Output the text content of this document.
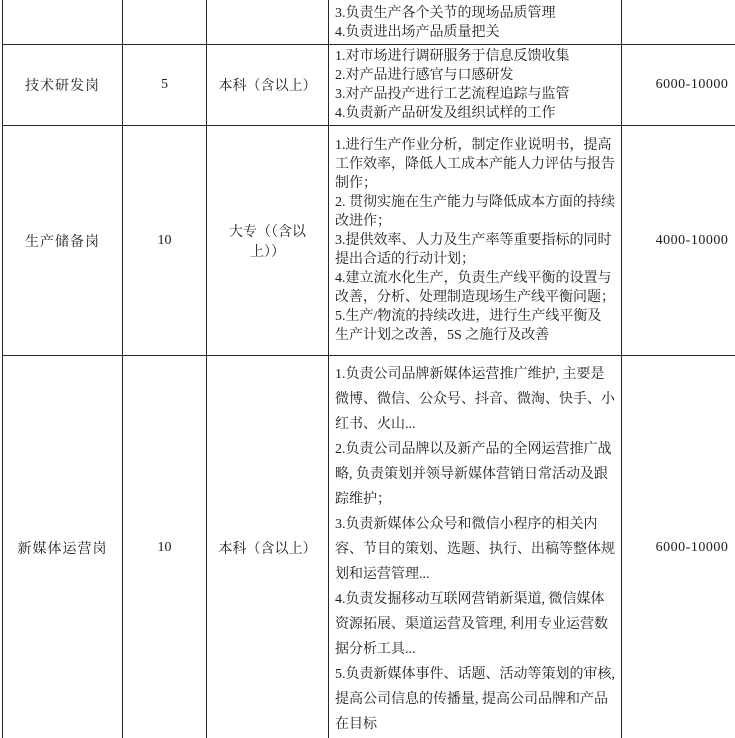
			3.负责生产各个关节的现场品质管理
4.负责进出场产品质量把关	

技术研发岗	5	本科（含以上）	1.对市场进行调研服务于信息反馈收集
2.对产品进行感官与口感研发
3.对产品投产进行工艺流程追踪与监管
4.负责新产品研发及组织试样的工作	6000-10000
生产储备岗	10	大专（（含以上））	1.进行生产作业分析，制定作业说明书，提高工作效率，降低人工成本产能人力评估与报告制作；
2. 贯彻实施在生产能力与降低成本方面的持续改进作；
3.提供效率、人力及生产率等重要指标的同时提出合适的行动计划；
4.建立流水化生产，负责生产线平衡的设置与改善，分析、处理制造现场生产线平衡问题；
5.生产/物流的持续改进，进行生产线平衡及生产计划之改善，5S 之施行及改善	4000-10000
新媒体运营岗	10	本科（含以上）	1.负责公司品牌新媒体运营推广维护, 主要是微博、微信、公众号、抖音、微淘、快手、小红书、火山...
2.负责公司品牌以及新产品的全网运营推广战略, 负责策划并领导新媒体营销日常活动及跟踪维护；
3.负责新媒体公众号和微信小程序的相关内容、节目的策划、选题、执行、出稿等整体规划和运营管理...
4.负责发掘移动互联网营销新渠道, 微信媒体资源拓展、渠道运营及管理, 利用专业运营数据分析工具...
5.负责新媒体事件、话题、活动等策划的审核, 提高公司信息的传播量, 提高公司品牌和产品在目标	6000-10000
